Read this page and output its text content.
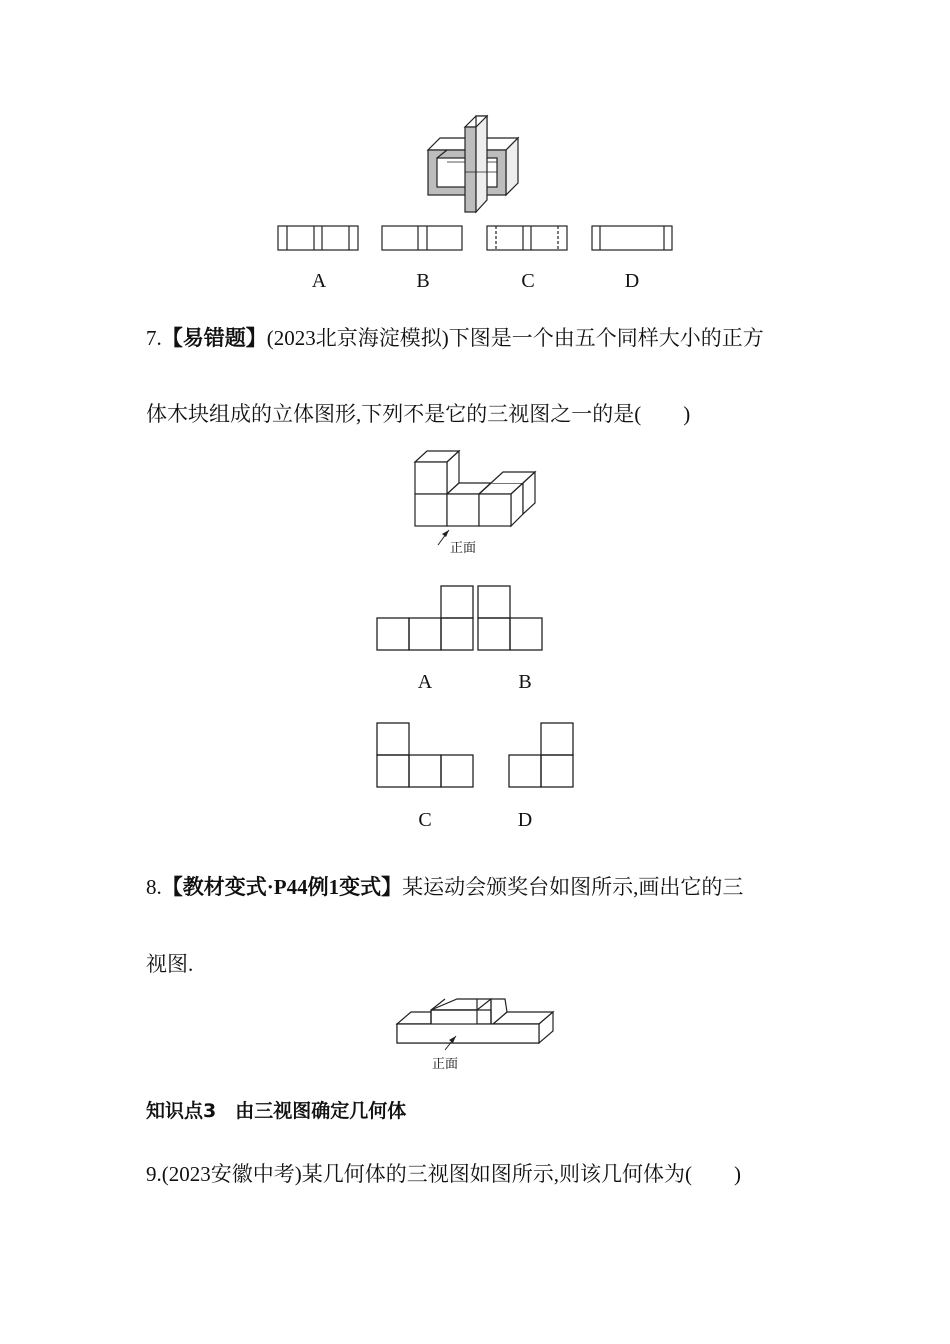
A	B	C	D
7.【易错题】(2023北京海淀模拟)下图是一个由五个同样大小的正方
体木块组成的立体图形,下列不是它的三视图之一的是(　　)
正面
A	B
C	D
8.【教材变式·P44例1变式】某运动会颁奖台如图所示,画出它的三
视图.
正面
知识点3　由三视图确定几何体
9.(2023安徽中考)某几何体的三视图如图所示,则该几何体为(　　)
